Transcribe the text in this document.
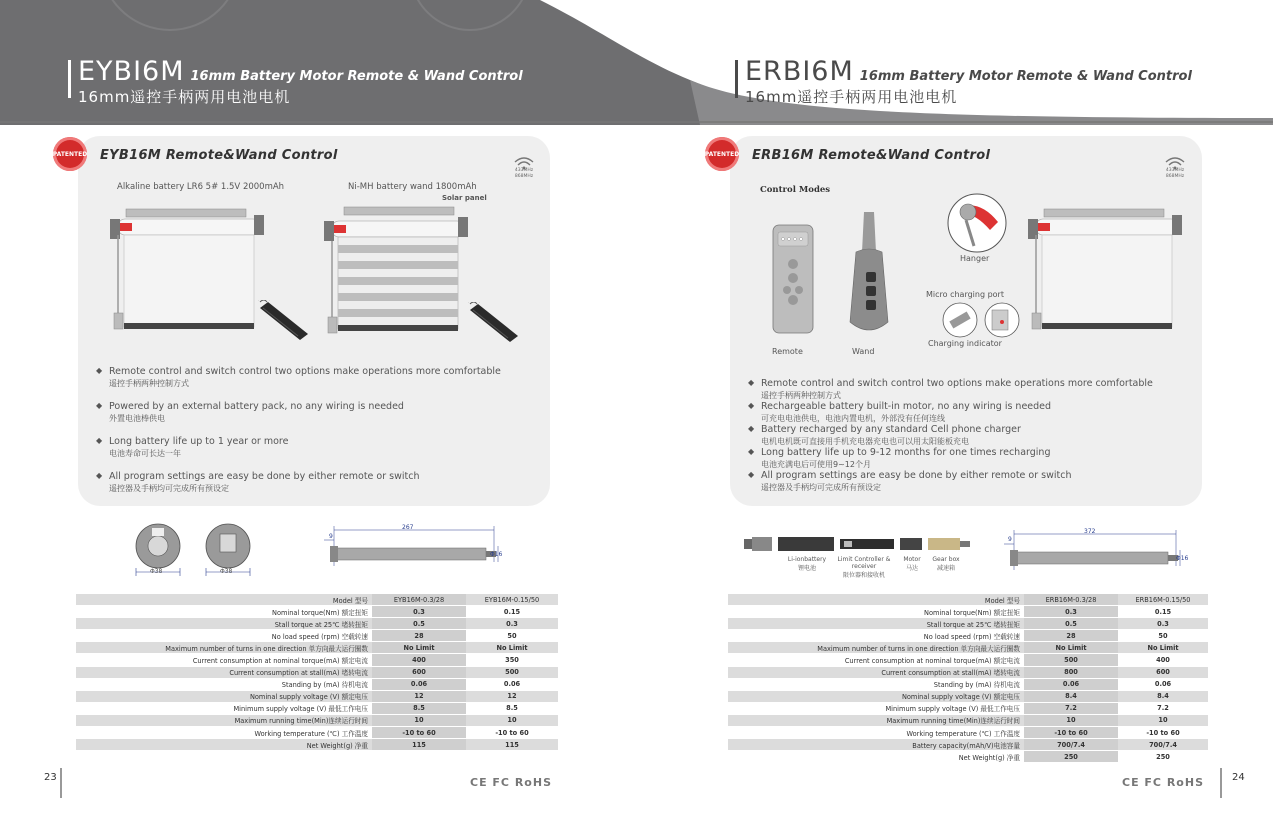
EYBI6M 16mm Battery Motor Remote & Wand Control
16mm遥控手柄两用电池电机
ERBI6M 16mm Battery Motor Remote & Wand Control
16mm遥控手柄两用电池电机
PATENTED EYB16M Remote&Wand Control
433MHz
868MHz
Alkaline battery LR6 5# 1.5V 2000mAh	Ni-MH battery wand 1800mAh
Solar panel
◆ Remote control and switch control two options make operations more comfortable
遥控手柄两种控制方式
◆ Powered by an external battery pack, no any wiring is needed
外置电池棒供电
◆ Long battery life up to 1 year or more
电池寿命可长达一年
◆ All program settings are easy be done by either remote or switch
遥控器及手柄均可完成所有预设定
Φ38	Φ38
267
9
Φ16
Model 型号	EYB16M-0.3/28	EYB16M-0.15/50
Nominal torque(Nm) 额定扭矩	0.3	0.15
Stall torque at 25℃ 堵转扭矩	0.5	0.3
No load speed (rpm) 空载转速	28	50
Maximum number of turns in one direction 单方向最大运行圈数	No Limit	No Limit
Current consumption at nominal torque(mA) 额定电流	400	350
Current consumption at stall(mA) 堵转电流	600	500
Standing by (mA) 待机电流	0.06	0.06
Nominal supply voltage (V) 额定电压	12	12
Minimum supply voltage (V) 最低工作电压	8.5	8.5
Maximum running time(Min)连续运行时间	10	10
Working temperature (℃) 工作温度	-10 to 60	-10 to 60
Net Weight(g) 净重	115	115
23	CE FC RoHS
PATENTED ERB16M Remote&Wand Control
433MHz
868MHz
Control Modes
Remote	Wand
Hanger
Micro charging port
Charging indicator
◆ Remote control and switch control two options make operations more comfortable
遥控手柄两种控制方式
◆ Rechargeable battery built-in motor, no any wiring is needed
可充电电池供电，电池内置电机，外部没有任何连线
◆ Battery recharged by any standard Cell phone charger
电机电机既可直接用手机充电器充电也可以用太阳能板充电
◆ Long battery life up to 9-12 months for one times recharging
电池充满电后可使用9~12个月
◆ All program settings are easy be done by either remote or switch
遥控器及手柄均可完成所有预设定
Li-ionbattery
锂电池
Limit Controller & receiver
限位器和接收机
Motor
马达
Gear box
减速箱
372
9
Φ16
Model 型号	ERB16M-0.3/28	ERB16M-0.15/50
Nominal torque(Nm) 额定扭矩	0.3	0.15
Stall torque at 25℃ 堵转扭矩	0.5	0.3
No load speed (rpm) 空载转速	28	50
Maximum number of turns in one direction 单方向最大运行圈数	No Limit	No Limit
Current consumption at nominal torque(mA) 额定电流	500	400
Current consumption at stall(mA) 堵转电流	800	600
Standing by (mA) 待机电流	0.06	0.06
Nominal supply voltage (V) 额定电压	8.4	8.4
Minimum supply voltage (V) 最低工作电压	7.2	7.2
Maximum running time(Min)连续运行时间	10	10
Working temperature (℃) 工作温度	-10 to 60	-10 to 60
Battery capacity(mAh/V)电池容量	700/7.4	700/7.4
Net Weight(g) 净重	250	250
24
CE FC RoHS
